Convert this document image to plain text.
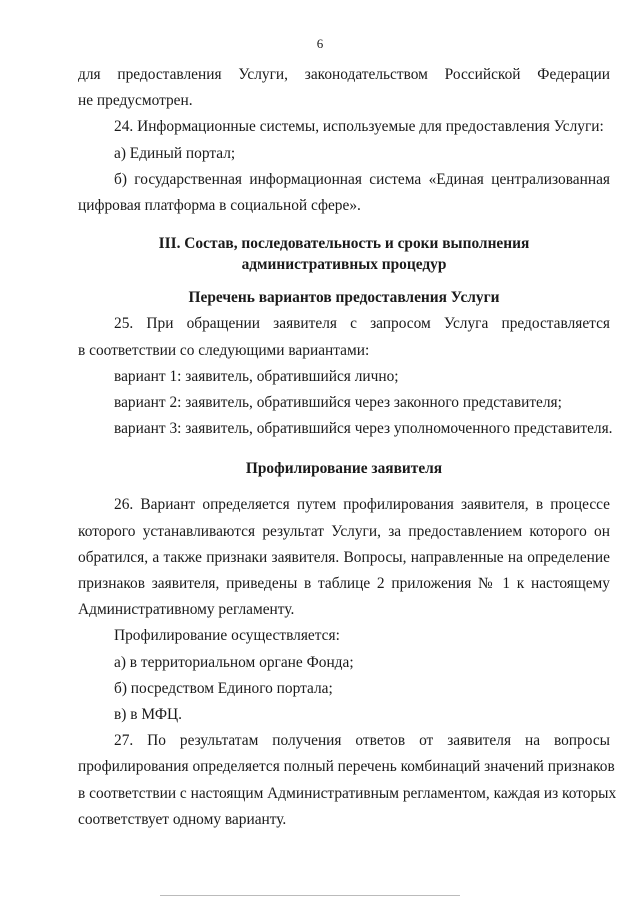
6
для предоставления Услуги, законодательством Российской Федерации
не предусмотрен.
24. Информационные системы, используемые для предоставления Услуги:
а) Единый портал;
б) государственная информационная система «Единая централизованная
цифровая платформа в социальной сфере».
III. Состав, последовательность и сроки выполнения
административных процедур
Перечень вариантов предоставления Услуги
25. При обращении заявителя с запросом Услуга предоставляется
в соответствии со следующими вариантами:
вариант 1: заявитель, обратившийся лично;
вариант 2: заявитель, обратившийся через законного представителя;
вариант 3: заявитель, обратившийся через уполномоченного представителя.
Профилирование заявителя
26. Вариант определяется путем профилирования заявителя, в процессе
которого устанавливаются результат Услуги, за предоставлением которого он
обратился, а также признаки заявителя. Вопросы, направленные на определение
признаков заявителя, приведены в таблице 2 приложения № 1 к настоящему
Административному регламенту.
Профилирование осуществляется:
а) в территориальном органе Фонда;
б) посредством Единого портала;
в) в МФЦ.
27. По результатам получения ответов от заявителя на вопросы
профилирования определяется полный перечень комбинаций значений признаков
в соответствии с настоящим Административным регламентом, каждая из которых
соответствует одному варианту.
